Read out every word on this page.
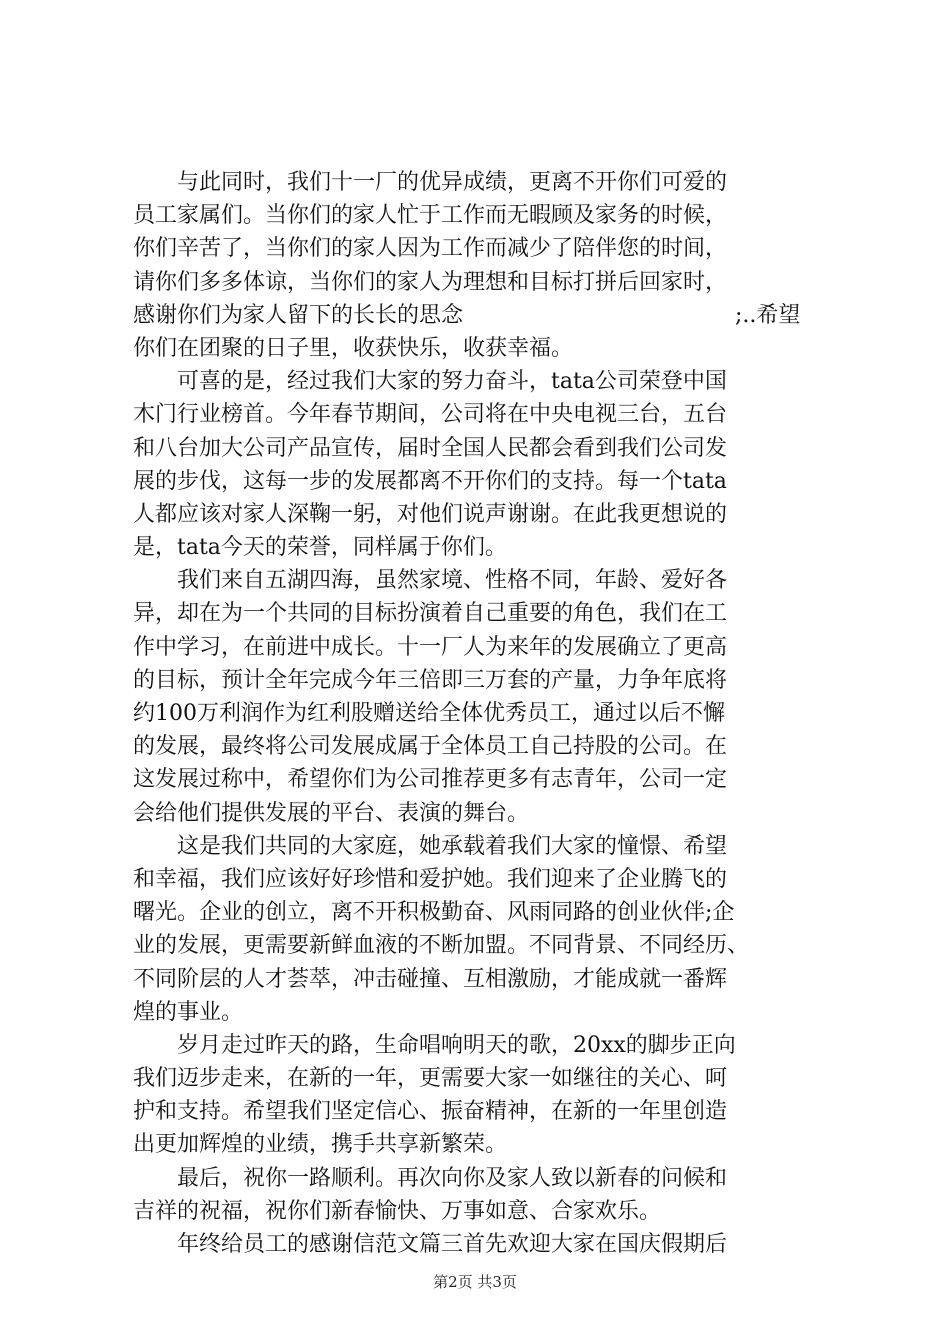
与此同时，我们十一厂的优异成绩，更离不开你们可爱的
员工家属们。当你们的家人忙于工作而无暇顾及家务的时候，
你们辛苦了，当你们的家人因为工作而减少了陪伴您的时间，
请你们多多体谅，当你们的家人为理想和目标打拼后回家时，
感谢你们为家人留下的长长的思念	;..希望
你们在团聚的日子里，收获快乐，收获幸福。
可喜的是，经过我们大家的努力奋斗，tata公司荣登中国
木门行业榜首。今年春节期间，公司将在中央电视三台，五台
和八台加大公司产品宣传，届时全国人民都会看到我们公司发
展的步伐，这每一步的发展都离不开你们的支持。每一个tata
人都应该对家人深鞠一躬，对他们说声谢谢。在此我更想说的
是，tata今天的荣誉，同样属于你们。
我们来自五湖四海，虽然家境、性格不同，年龄、爱好各
异，却在为一个共同的目标扮演着自己重要的角色，我们在工
作中学习，在前进中成长。十一厂人为来年的发展确立了更高
的目标，预计全年完成今年三倍即三万套的产量，力争年底将
约100万利润作为红利股赠送给全体优秀员工，通过以后不懈
的发展，最终将公司发展成属于全体员工自己持股的公司。在
这发展过称中，希望你们为公司推荐更多有志青年，公司一定
会给他们提供发展的平台、表演的舞台。
这是我们共同的大家庭，她承载着我们大家的憧憬、希望
和幸福，我们应该好好珍惜和爱护她。我们迎来了企业腾飞的
曙光。企业的创立，离不开积极勤奋、风雨同路的创业伙伴;企
业的发展，更需要新鲜血液的不断加盟。不同背景、不同经历、
不同阶层的人才荟萃，冲击碰撞、互相激励，才能成就一番辉
煌的事业。
岁月走过昨天的路，生命唱响明天的歌，20xx的脚步正向
我们迈步走来，在新的一年，更需要大家一如继往的关心、呵
护和支持。希望我们坚定信心、振奋精神，在新的一年里创造
出更加辉煌的业绩，携手共享新繁荣。
最后，祝你一路顺利。再次向你及家人致以新春的问候和
吉祥的祝福，祝你们新春愉快、万事如意、合家欢乐。
年终给员工的感谢信范文篇三首先欢迎大家在国庆假期后
第2页 共3页
